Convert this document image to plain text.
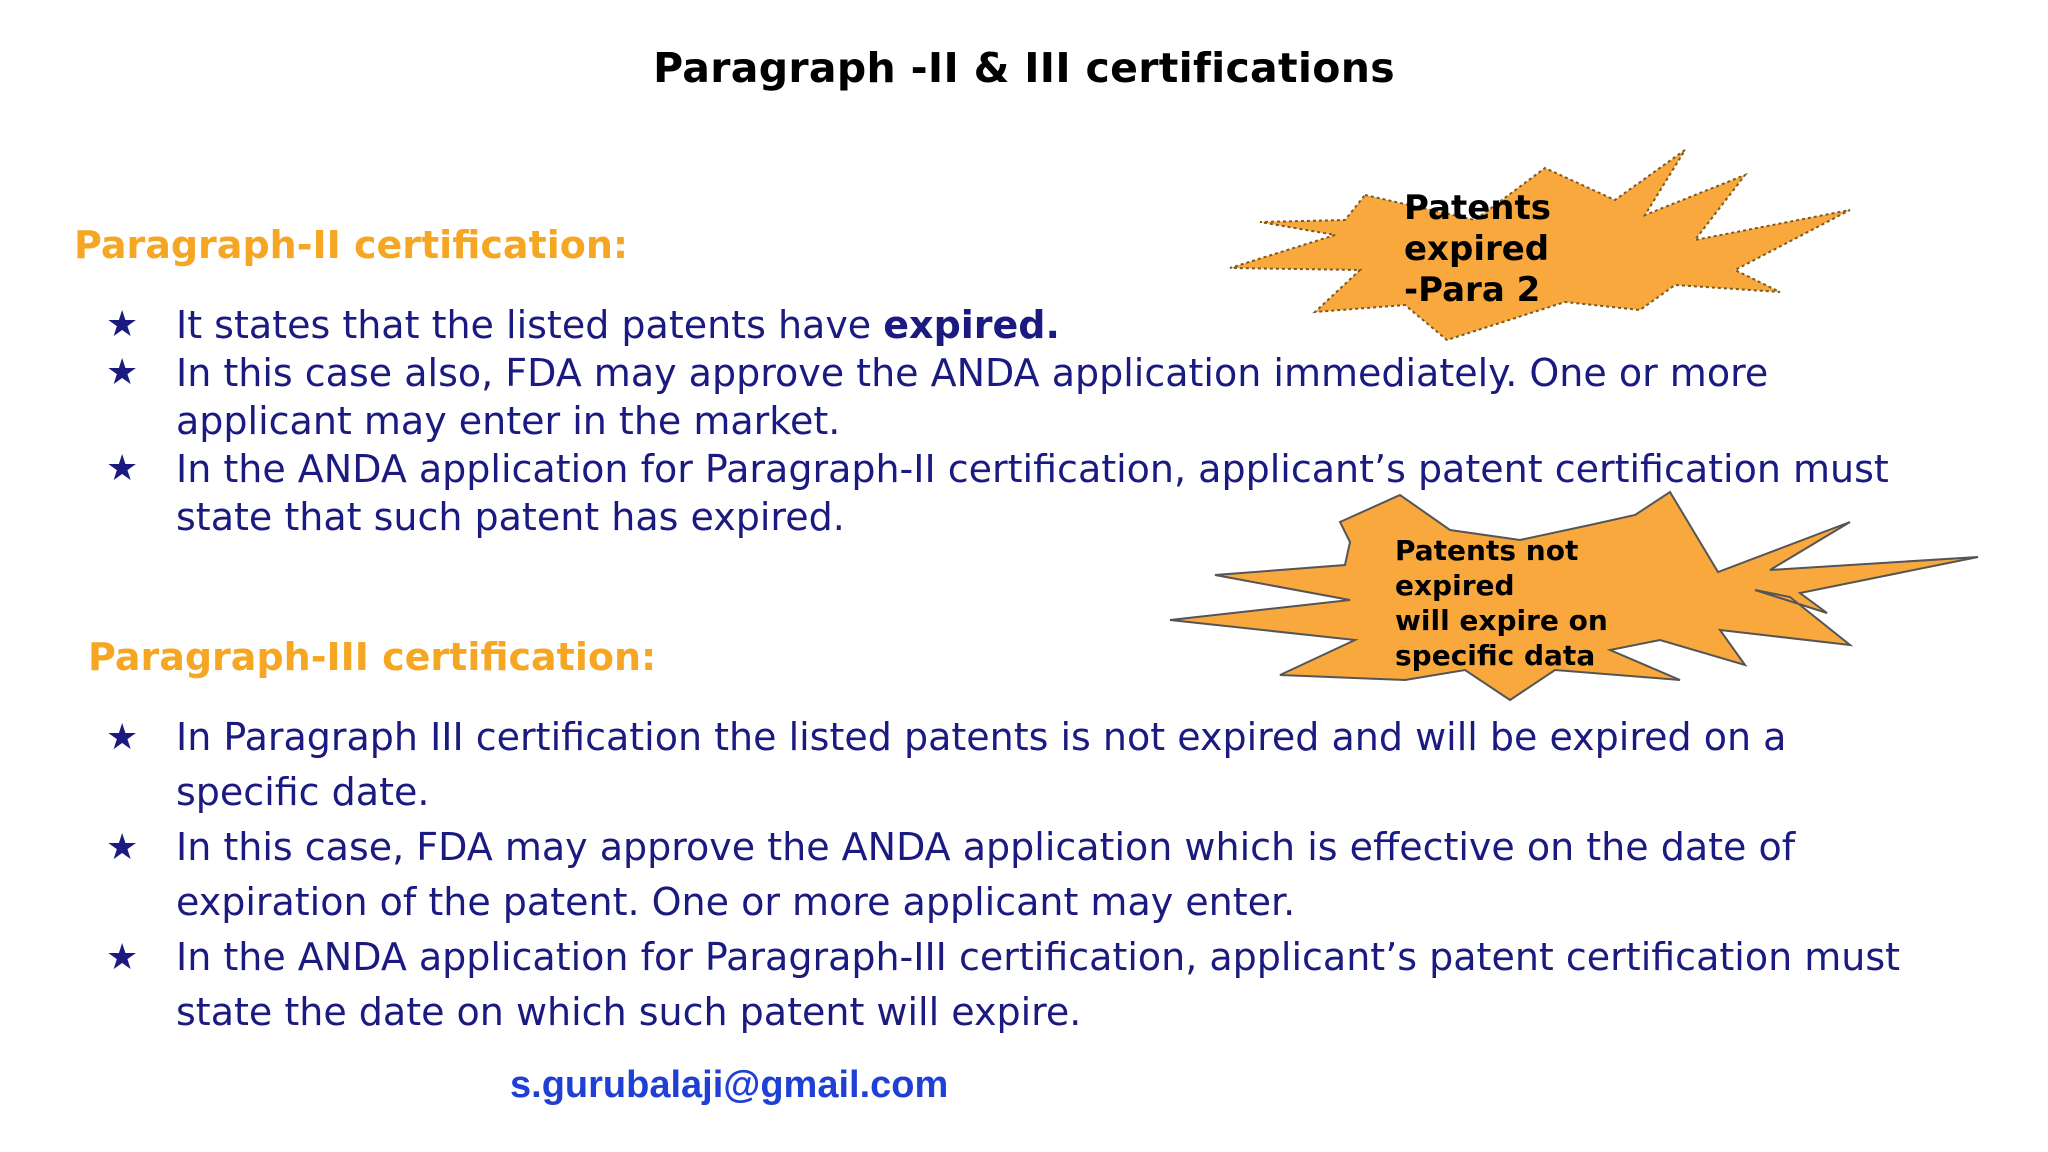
Paragraph -II & III certifications
Paragraph-II certification:
★ It states that the listed patents have expired.
★ In this case also, FDA may approve the ANDA application immediately. One or more applicant may enter in the market.
★ In the ANDA application for Paragraph-II certification, applicant’s patent certification must state that such patent has expired.
Paragraph-III certification:
★ In Paragraph III certification the listed patents is not expired and will be expired on a specific date.
★ In this case, FDA may approve the ANDA application which is effective on the date of expiration of the patent. One or more applicant may enter.
★ In the ANDA application for Paragraph-III certification, applicant’s patent certification must state the date on which such patent will expire.
Patents
expired
-Para 2
Patents not
expired
will expire on
specific data
s.gurubalaji@gmail.com
